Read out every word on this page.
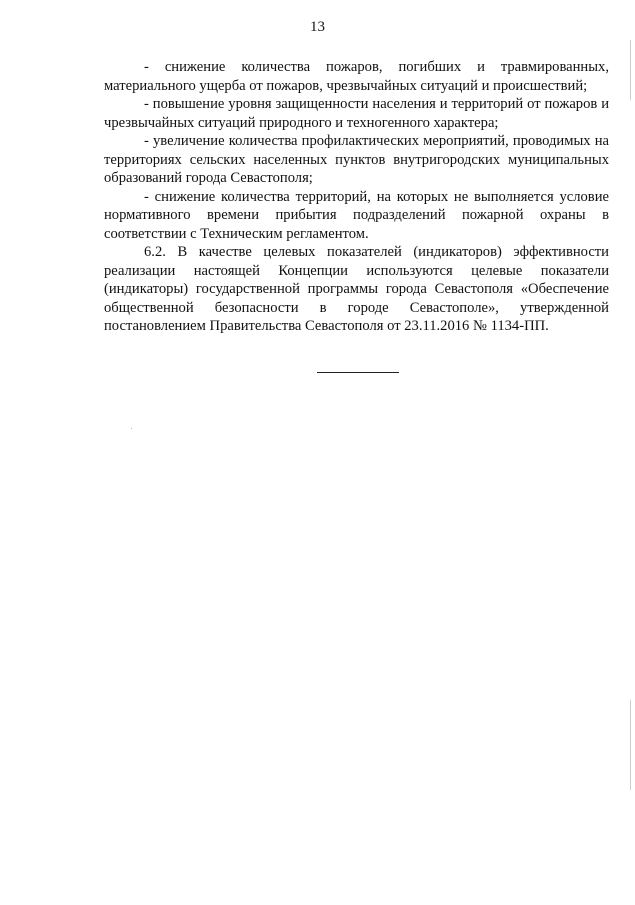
13

- снижение количества пожаров, погибших и травмированных, материального ущерба от пожаров, чрезвычайных ситуаций и происшествий;

- повышение уровня защищенности населения и территорий от пожаров и чрезвычайных ситуаций природного и техногенного характера;

- увеличение количества профилактических мероприятий, проводимых на территориях сельских населенных пунктов внутригородских муниципальных образований города Севастополя;

- снижение количества территорий, на которых не выполняется условие нормативного времени прибытия подразделений пожарной охраны в соответствии с Техническим регламентом.

6.2. В качестве целевых показателей (индикаторов) эффективности реализации настоящей Концепции используются целевые показатели (индикаторы) государственной программы города Севастополя «Обеспечение общественной безопасности в городе Севастополе», утвержденной постановлением Правительства Севастополя от 23.11.2016 № 1134-ПП.
